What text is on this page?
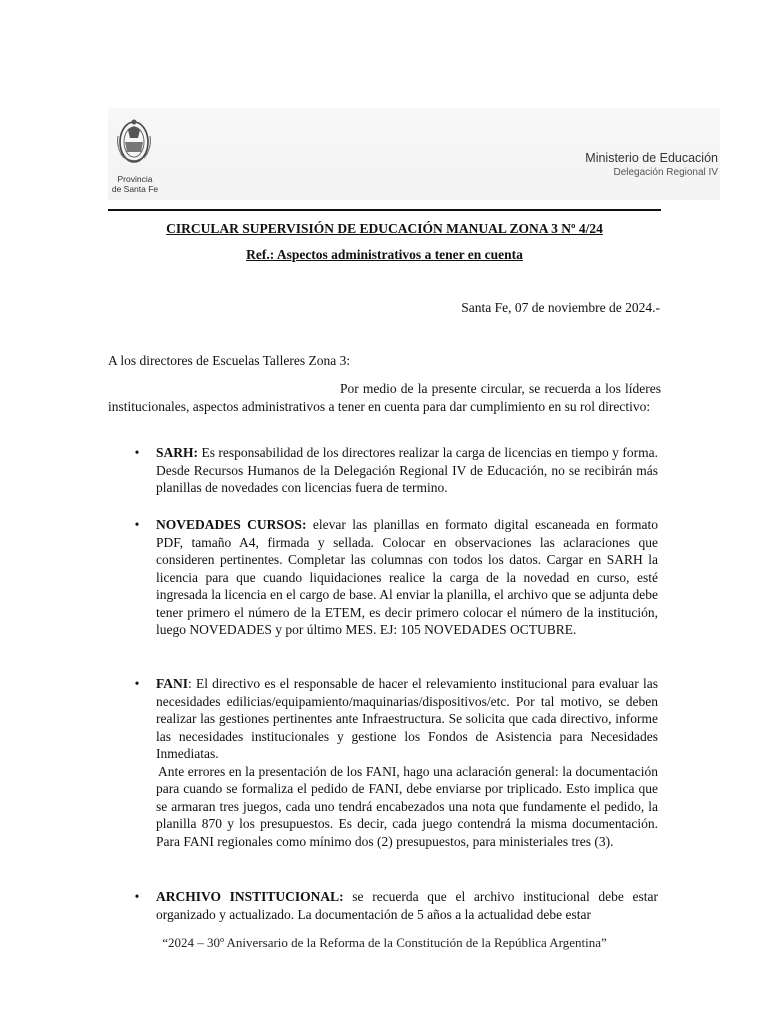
Provincia
de Santa Fe
Ministerio de Educación
Delegación Regional IV
CIRCULAR SUPERVISIÓN DE EDUCACIÓN MANUAL ZONA 3 Nº 4/24
Ref.: Aspectos administrativos a tener en cuenta
Santa Fe, 07 de noviembre de 2024.-
A los directores de Escuelas Talleres Zona 3:
Por medio de la presente circular, se recuerda a los líderes institucionales, aspectos administrativos a tener en cuenta para dar cumplimiento en su rol directivo:
• SARH: Es responsabilidad de los directores realizar la carga de licencias en tiempo y forma. Desde Recursos Humanos de la Delegación Regional IV de Educación, no se recibirán más planillas de novedades con licencias fuera de termino.
• NOVEDADES CURSOS: elevar las planillas en formato digital escaneada en formato PDF, tamaño A4, firmada y sellada. Colocar en observaciones las aclaraciones que consideren pertinentes. Completar las columnas con todos los datos. Cargar en SARH la licencia para que cuando liquidaciones realice la carga de la novedad en curso, esté ingresada la licencia en el cargo de base. Al enviar la planilla, el archivo que se adjunta debe tener primero el número de la ETEM, es decir primero colocar el número de la institución, luego NOVEDADES y por último MES. EJ: 105 NOVEDADES OCTUBRE.
• FANI: El directivo es el responsable de hacer el relevamiento institucional para evaluar las necesidades edilicias/equipamiento/maquinarias/dispositivos/etc. Por tal motivo, se deben realizar las gestiones pertinentes ante Infraestructura. Se solicita que cada directivo, informe las necesidades institucionales y gestione los Fondos de Asistencia para Necesidades Inmediatas.
Ante errores en la presentación de los FANI, hago una aclaración general: la documentación para cuando se formaliza el pedido de FANI, debe enviarse por triplicado. Esto implica que se armaran tres juegos, cada uno tendrá encabezados una nota que fundamente el pedido, la planilla 870 y los presupuestos. Es decir, cada juego contendrá la misma documentación. Para FANI regionales como mínimo dos (2) presupuestos, para ministeriales tres (3).
• ARCHIVO INSTITUCIONAL: se recuerda que el archivo institucional debe estar organizado y actualizado. La documentación de 5 años a la actualidad debe estar
“2024 – 30º Aniversario de la Reforma de la Constitución de la República Argentina”
